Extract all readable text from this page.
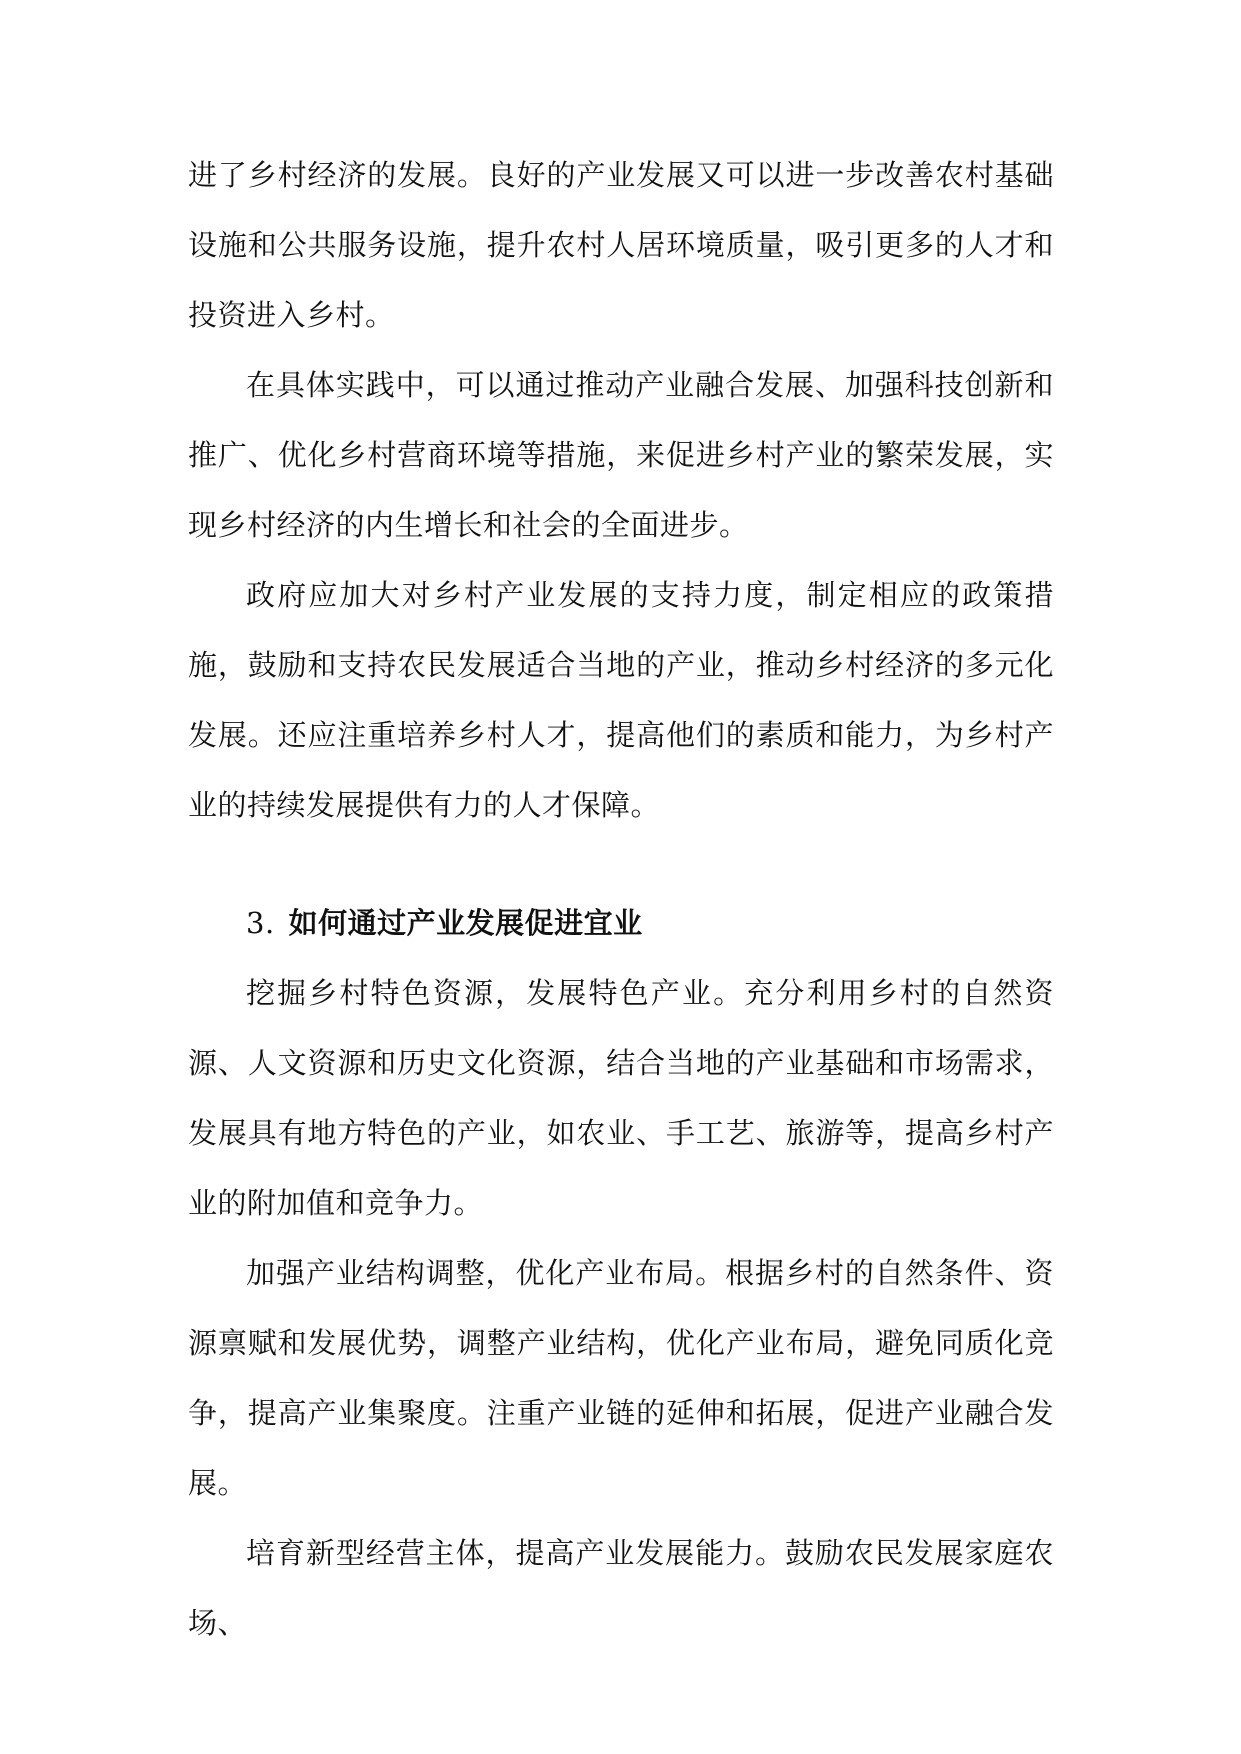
进了乡村经济的发展。良好的产业发展又可以进一步改善农村基础设施和公共服务设施，提升农村人居环境质量，吸引更多的人才和投资进入乡村。

在具体实践中，可以通过推动产业融合发展、加强科技创新和推广、优化乡村营商环境等措施，来促进乡村产业的繁荣发展，实现乡村经济的内生增长和社会的全面进步。

政府应加大对乡村产业发展的支持力度，制定相应的政策措施，鼓励和支持农民发展适合当地的产业，推动乡村经济的多元化发展。还应注重培养乡村人才，提高他们的素质和能力，为乡村产业的持续发展提供有力的人才保障。

3. 如何通过产业发展促进宜业

挖掘乡村特色资源，发展特色产业。充分利用乡村的自然资源、人文资源和历史文化资源，结合当地的产业基础和市场需求，发展具有地方特色的产业，如农业、手工艺、旅游等，提高乡村产业的附加值和竞争力。

加强产业结构调整，优化产业布局。根据乡村的自然条件、资源禀赋和发展优势，调整产业结构，优化产业布局，避免同质化竞争，提高产业集聚度。注重产业链的延伸和拓展，促进产业融合发展。

培育新型经营主体，提高产业发展能力。鼓励农民发展家庭农场、
